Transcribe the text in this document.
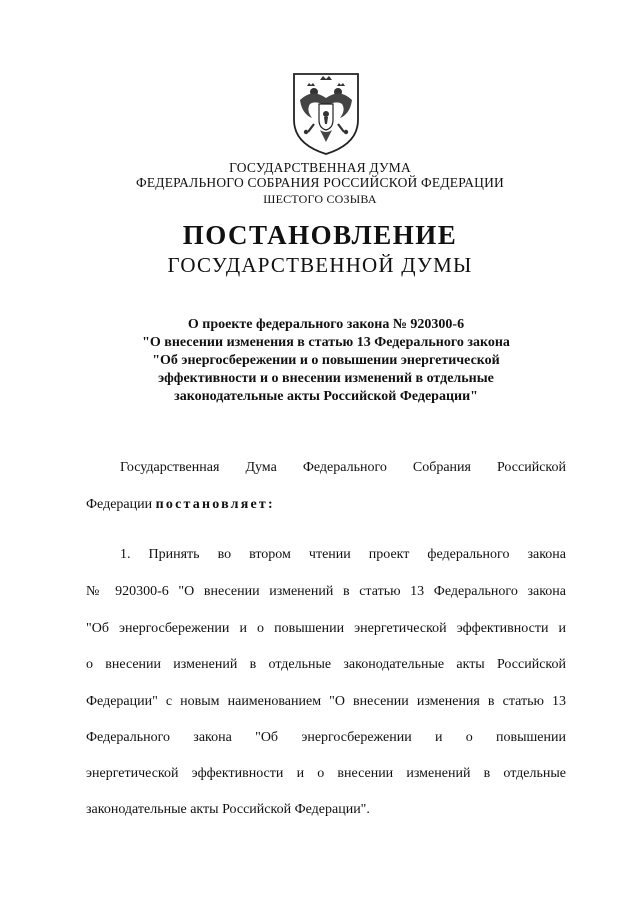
ГОСУДАРСТВЕННАЯ ДУМА
ФЕДЕРАЛЬНОГО СОБРАНИЯ РОССИЙСКОЙ ФЕДЕРАЦИИ
ШЕСТОГО СОЗЫВА
ПОСТАНОВЛЕНИЕ
ГОСУДАРСТВЕННОЙ ДУМЫ
О проекте федерального закона № 920300-6
"О внесении изменения в статью 13 Федерального закона
"Об энергосбережении и о повышении энергетической
эффективности и о внесении изменений в отдельные
законодательные акты Российской Федерации"
Государственная Дума Федерального Собрания Российской
Федерации постановляет:
1. Принять во втором чтении проект федерального закона
№ 920300-6 "О внесении изменений в статью 13 Федерального закона
"Об энергосбережении и о повышении энергетической эффективности и
о внесении изменений в отдельные законодательные акты Российской
Федерации" с новым наименованием "О внесении изменения в статью 13
Федерального закона "Об энергосбережении и о повышении
энергетической эффективности и о внесении изменений в отдельные
законодательные акты Российской Федерации".
